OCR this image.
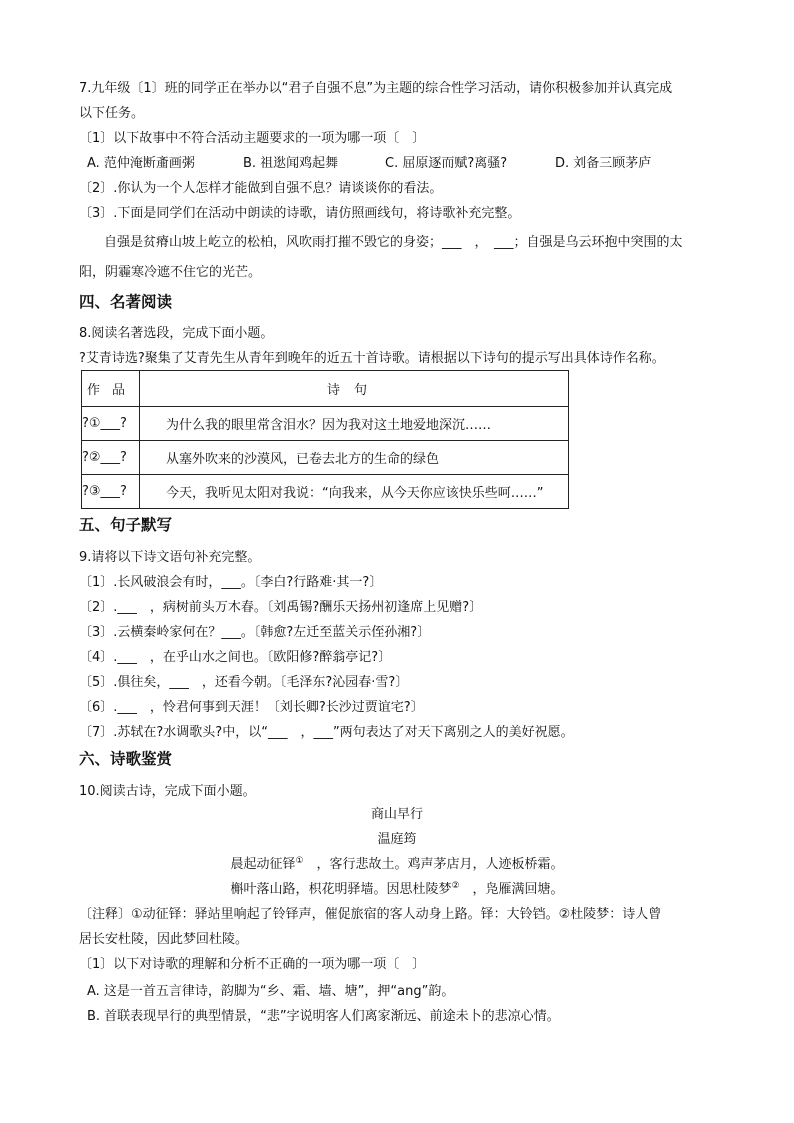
7.九年级〔1〕班的同学正在举办以“君子自强不息”为主题的综合性学习活动，请你积极参加并认真完成
以下任务。
〔1〕以下故事中不符合活动主题要求的一项为哪一项〔　〕
A. 范仲淹断齑画粥	B. 祖逖闻鸡起舞	C. 屈原逐而赋?离骚?	D. 刘备三顾茅庐
〔2〕.你认为一个人怎样才能做到自强不息？请谈谈你的看法。
〔3〕.下面是同学们在活动中朗读的诗歌，请仿照画线句，将诗歌补充完整。
自强是贫瘠山坡上屹立的松柏，风吹雨打摧不毁它的身姿；___　，　___；自强是乌云环抱中突围的太
阳，阴霾寒冷遮不住它的光芒。
四、名著阅读
8.阅读名著选段，完成下面小题。
?艾青诗选?聚集了艾青先生从青年到晚年的近五十首诗歌。请根据以下诗句的提示写出具体诗作名称。
作品	诗句
?①___?	为什么我的眼里常含泪水？因为我对这土地爱地深沉……
?②___?	从塞外吹来的沙漠风，已卷去北方的生命的绿色
?③___?	今天，我听见太阳对我说：“向我来，从今天你应该快乐些呵……”
五、句子默写
9.请将以下诗文语句补充完整。
〔1〕.长风破浪会有时，___。〔李白?行路难·其一?〕
〔2〕.___　，病树前头万木春。〔刘禹锡?酬乐天扬州初逢席上见赠?〕
〔3〕.云横秦岭家何在？___。〔韩愈?左迁至蓝关示侄孙湘?〕
〔4〕.___　，在乎山水之间也。〔欧阳修?醉翁亭记?〕
〔5〕.俱往矣，___　，还看今朝。〔毛泽东?沁园春·雪?〕
〔6〕.___　，怜君何事到天涯！〔刘长卿?长沙过贾谊宅?〕
〔7〕.苏轼在?水调歌头?中，以“___　，___”两句表达了对天下离别之人的美好祝愿。
六、诗歌鉴赏
10.阅读古诗，完成下面小题。
商山早行
温庭筠
晨起动征铎①　，客行悲故土。鸡声茅店月，人迹板桥霜。
槲叶落山路，枳花明驿墙。因思杜陵梦②　，凫雁满回塘。
〔注释〕①动征铎：驿站里响起了铃铎声，催促旅宿的客人动身上路。铎：大铃铛。②杜陵梦：诗人曾
居长安杜陵，因此梦回杜陵。
〔1〕以下对诗歌的理解和分析不正确的一项为哪一项〔　〕
A. 这是一首五言律诗，韵脚为“乡、霜、墙、塘”，押“ang”韵。
B. 首联表现早行的典型情景，“悲”字说明客人们离家渐远、前途未卜的悲凉心情。
